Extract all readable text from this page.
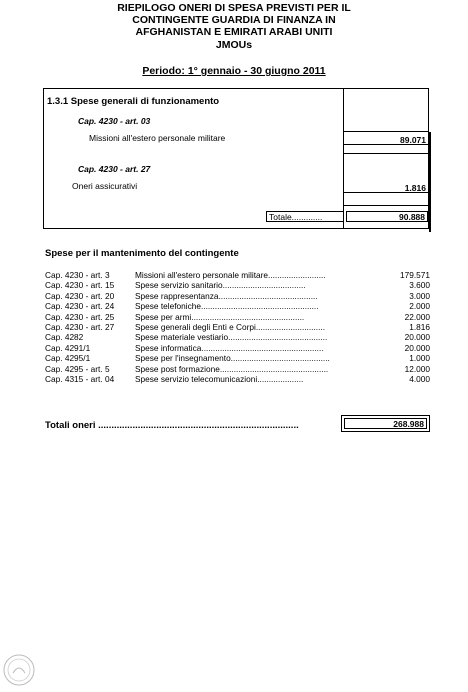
RIEPILOGO ONERI DI SPESA PREVISTI PER IL
CONTINGENTE GUARDIA DI FINANZA IN
AFGHANISTAN E EMIRATI ARABI UNITI
JMOUs
Periodo: 1° gennaio - 30 giugno 2011
1.3.1 Spese generali di funzionamento
Cap. 4230 - art. 03
Missioni all'estero personale militare	89.071
Cap. 4230 - art. 27
Oneri assicurativi	1.816
Totale.............	90.888
Spese per il mantenimento del contingente
Cap. 4230 - art. 3	Missioni all'estero personale militare.........................	179.571
Cap. 4230 - art. 15	Spese servizio sanitario....................................	3.600
Cap. 4230 - art. 20	Spese rappresentanza...........................................	3.000
Cap. 4230 - art. 24	Spese telefoniche...................................................	2.000
Cap. 4230 - art. 25	Spese per armi.................................................	22.000
Cap. 4230 - art. 27	Spese generali degli Enti e Corpi..............................	1.816
Cap. 4282	Spese materiale vestiario...........................................	20.000
Cap. 4291/1	Spese informatica.....................................................	20.000
Cap. 4295/1	Spese per l'insegnamento...........................................	1.000
Cap. 4295 - art. 5	Spese post formazione...............................................	12.000
Cap. 4315 - art. 04	Spese servizio telecomunicazioni....................	4.000
Totali oneri ............................................................................	268.988
